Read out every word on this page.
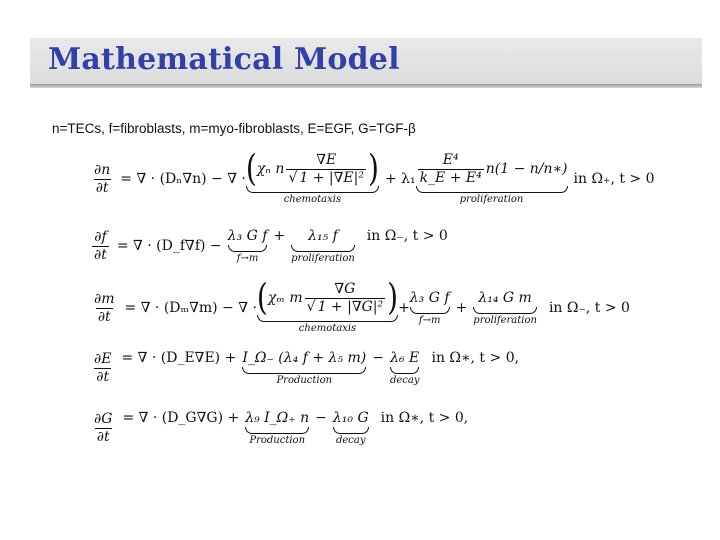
Mathematical Model
n=TECs, f=fibroblasts, m=myo-fibroblasts, E=EGF, G=TGF-β
$\frac{\partial n}{\partial t}$ = ∇ · (Dₙ∇n) − ∇ · ( χₙ n $\frac{\nabla E}{\text{√ 1 + |∇E|²}}$ )
chemotaxis
+ $\lambda_1 \frac{\text{E⁴}}{\text{k\_E + E⁴}} n(1$ − n/n∗)
proliferation
in Ω₊, t > 0
$\frac{\partial f}{\partial t}$ = ∇ · (D_f∇f) −
λ₃ G f
f→m
+ λ₁₅ f
proliferation
in Ω₋, t > 0
$\frac{\partial m}{\partial t}$ = ∇ · (Dₘ∇m) − ∇ · ( χₘ m $\frac{\nabla G}{\text{√ 1 + |∇G|²}}$ )
chemotaxis
+
λ₃ G f
f→m
+
λ₁₄ G m
proliferation
in Ω₋, t > 0
$\frac{\partial E}{\partial t}$ = ∇ · (D_E∇E) + I_Ω₋ (λ₄ f + λ₅ m)
Production
− λ₆ E
decay
in Ω∗, t > 0,
$\frac{\partial G}{\partial t}$ = ∇ · (D_G∇G) + λ₉ I_Ω₊ n
Production
− λ₁₀ G
decay
in Ω∗, t > 0,
